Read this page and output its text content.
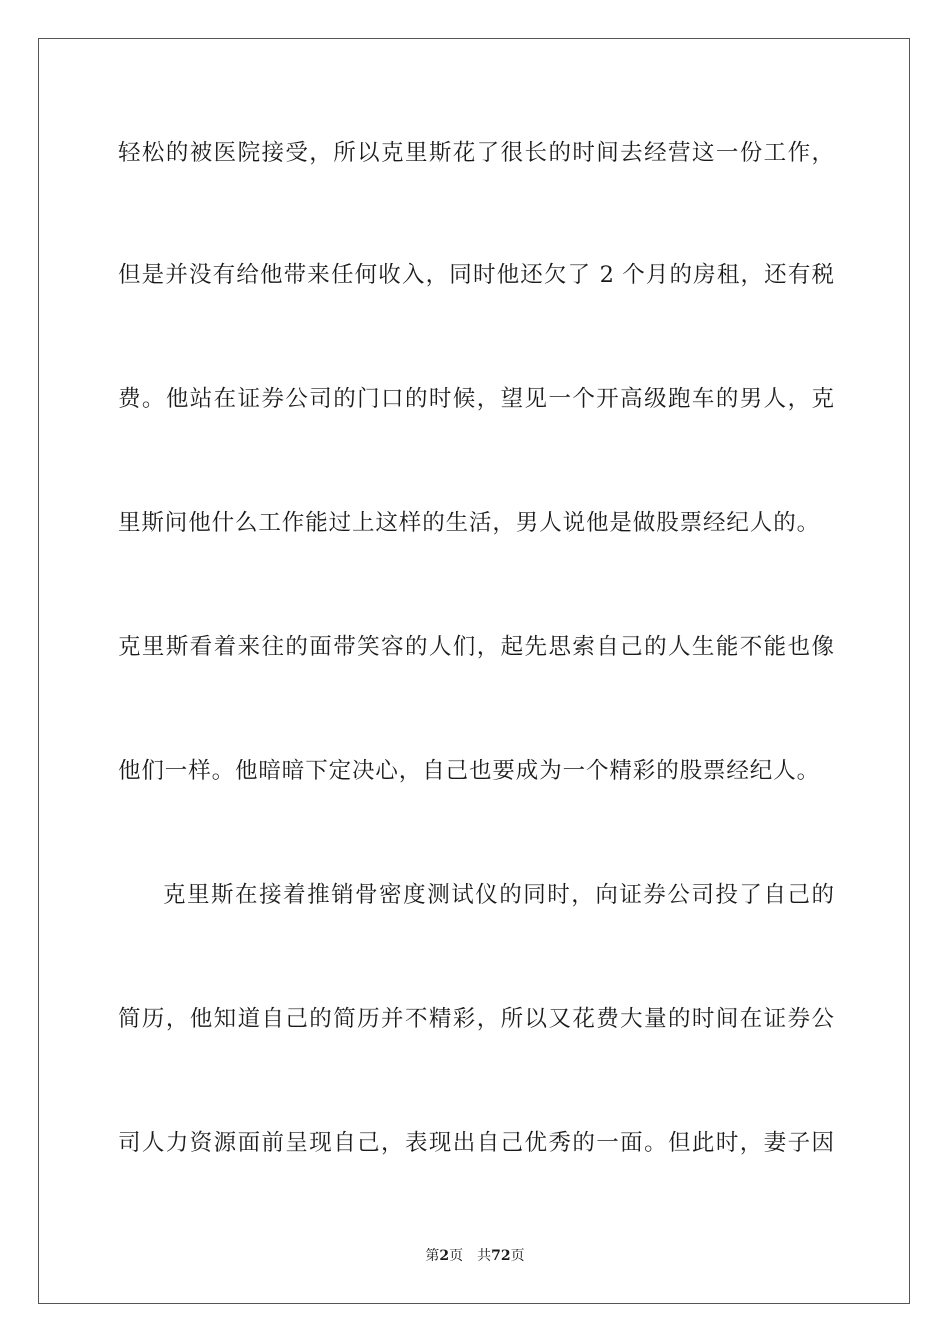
轻松的被医院接受，所以克里斯花了很长的时间去经营这一份工作，
但是并没有给他带来任何收入，同时他还欠了 2 个月的房租，还有税
费。他站在证券公司的门口的时候，望见一个开高级跑车的男人，克
里斯问他什么工作能过上这样的生活，男人说他是做股票经纪人的。
克里斯看着来往的面带笑容的人们，起先思索自己的人生能不能也像
他们一样。他暗暗下定决心，自己也要成为一个精彩的股票经纪人。
克里斯在接着推销骨密度测试仪的同时，向证券公司投了自己的
简历，他知道自己的简历并不精彩，所以又花费大量的时间在证券公
司人力资源面前呈现自己，表现出自己优秀的一面。但此时，妻子因
第2页 共72页
